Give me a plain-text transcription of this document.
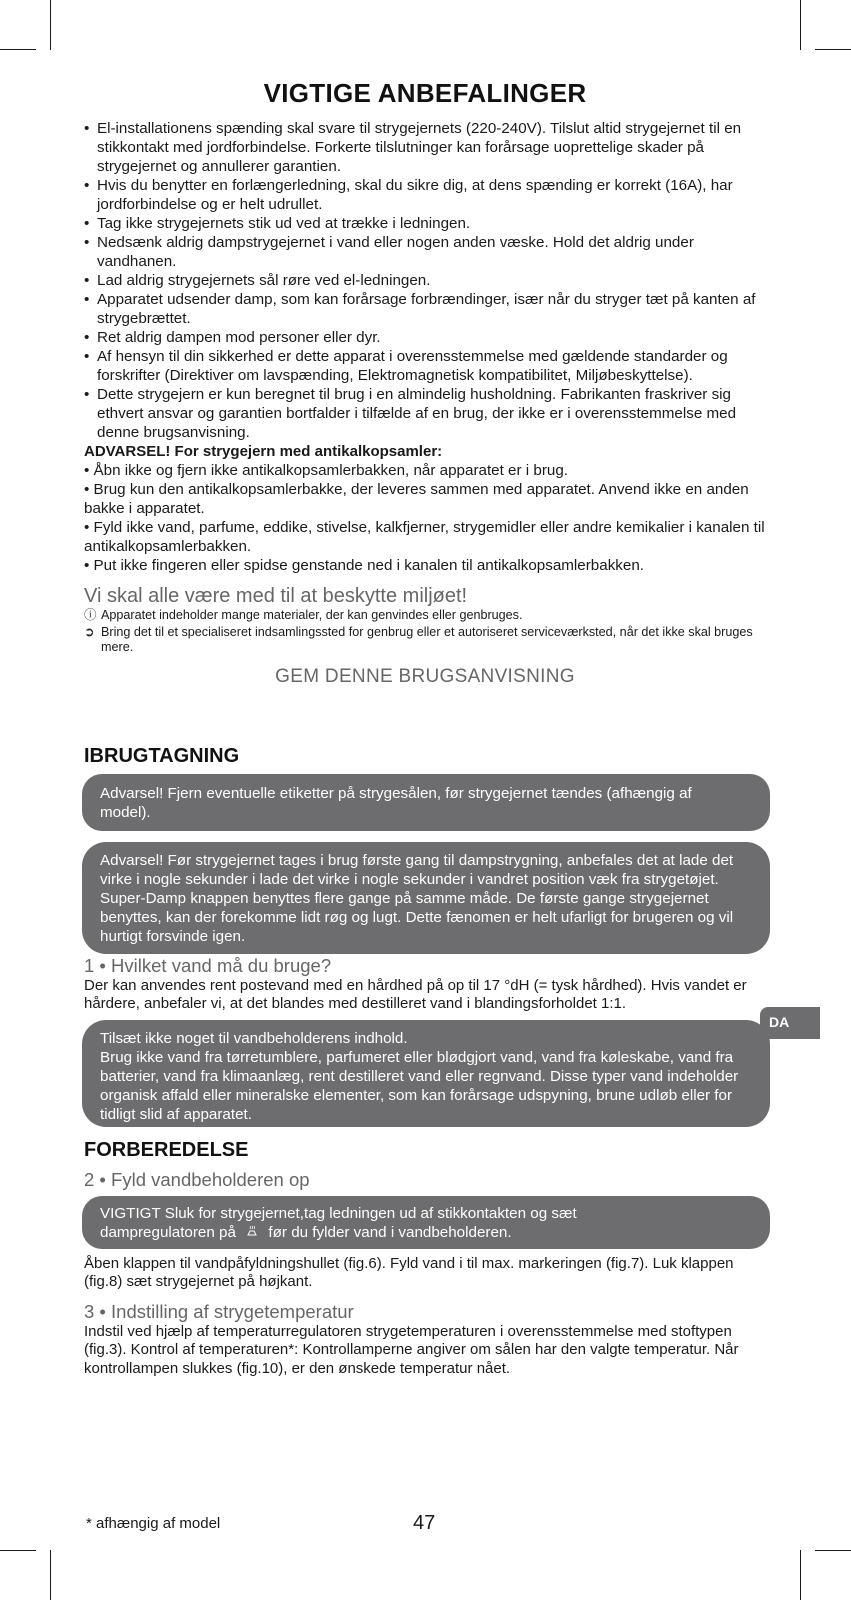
VIGTIGE ANBEFALINGER
• El-installationens spænding skal svare til strygejernets (220-240V). Tilslut altid strygejernet til en stikkontakt med jordforbindelse. Forkerte tilslutninger kan forårsage uoprettelige skader på strygejernet og annullerer garantien.
• Hvis du benytter en forlængerledning, skal du sikre dig, at dens spænding er korrekt (16A), har jordforbindelse og er helt udrullet.
• Tag ikke strygejernets stik ud ved at trække i ledningen.
• Nedsænk aldrig dampstrygejernet i vand eller nogen anden væske. Hold det aldrig under vandhanen.
• Lad aldrig strygejernets sål røre ved el-ledningen.
• Apparatet udsender damp, som kan forårsage forbrændinger, især når du stryger tæt på kanten af strygebrættet.
• Ret aldrig dampen mod personer eller dyr.
• Af hensyn til din sikkerhed er dette apparat i overensstemmelse med gældende standarder og forskrifter (Direktiver om lavspænding, Elektromagnetisk kompatibilitet, Miljøbeskyttelse).
• Dette strygejern er kun beregnet til brug i en almindelig husholdning. Fabrikanten fraskriver sig ethvert ansvar og garantien bortfalder i tilfælde af en brug, der ikke er i overensstemmelse med denne brugsanvisning.
ADVARSEL! For strygejern med antikalkopsamler:

• Åbn ikke og fjern ikke antikalkopsamlerbakken, når apparatet er i brug.

• Brug kun den antikalkopsamlerbakke, der leveres sammen med apparatet. Anvend ikke en anden bakke i apparatet.

• Fyld ikke vand, parfume, eddike, stivelse, kalkfjerner, strygemidler eller andre kemikalier i kanalen til antikalkopsamlerbakken.

• Put ikke fingeren eller spidse genstande ned i kanalen til antikalkopsamlerbakken.

Vi skal alle være med til at beskytte miljøet!

ⓘ Apparatet indeholder mange materialer, der kan genvindes eller genbruges.

➲ Bring det til et specialiseret indsamlingssted for genbrug eller et autoriseret serviceværksted, når det ikke skal bruges mere.

GEM DENNE BRUGSANVISNING
IBRUGTAGNING

Advarsel! Fjern eventuelle etiketter på strygesålen, før strygejernet tændes (afhængig af model).

Advarsel! Før strygejernet tages i brug første gang til dampstrygning, anbefales det at lade det virke i nogle sekunder i lade det virke i nogle sekunder i vandret position væk fra strygetøjet. Super-Damp knappen benyttes flere gange på samme måde. De første gange strygejernet benyttes, kan der forekomme lidt røg og lugt. Dette fænomen er helt ufarligt for brugeren og vil hurtigt forsvinde igen.

1 • Hvilket vand må du bruge?

Der kan anvendes rent postevand med en hårdhed på op til 17 °dH (= tysk hårdhed). Hvis vandet er hårdere, anbefaler vi, at det blandes med destilleret vand i blandingsforholdet 1:1.

Tilsæt ikke noget til vandbeholderens indhold.

Brug ikke vand fra tørretumblere, parfumeret eller blødgjort vand, vand fra køleskabe, vand fra batterier, vand fra klimaanlæg, rent destilleret vand eller regnvand. Disse typer vand indeholder organisk affald eller mineralske elementer, som kan forårsage udspyning, brune udløb eller for tidligt slid af apparatet.

FORBEREDELSE
2 • Fyld vandbeholderen op

VIGTIGT Sluk for strygejernet,tag ledningen ud af stikkontakten og sæt

dampregulatoren på før du fylder vand i vandbeholderen.

Åben klappen til vandpåfyldningshullet (fig.6). Fyld vand i til max. markeringen (fig.7). Luk klappen (fig.8) sæt strygejernet på højkant.

3 • Indstilling af strygetemperatur

Indstil ved hjælp af temperaturregulatoren strygetemperaturen i overensstemmelse med stoftypen (fig.3). Kontrol af temperaturen*: Kontrollamperne angiver om sålen har den valgte temperatur. Når kontrollampen slukkes (fig.10), er den ønskede temperatur nået.

DA
* afhængig af model	47
